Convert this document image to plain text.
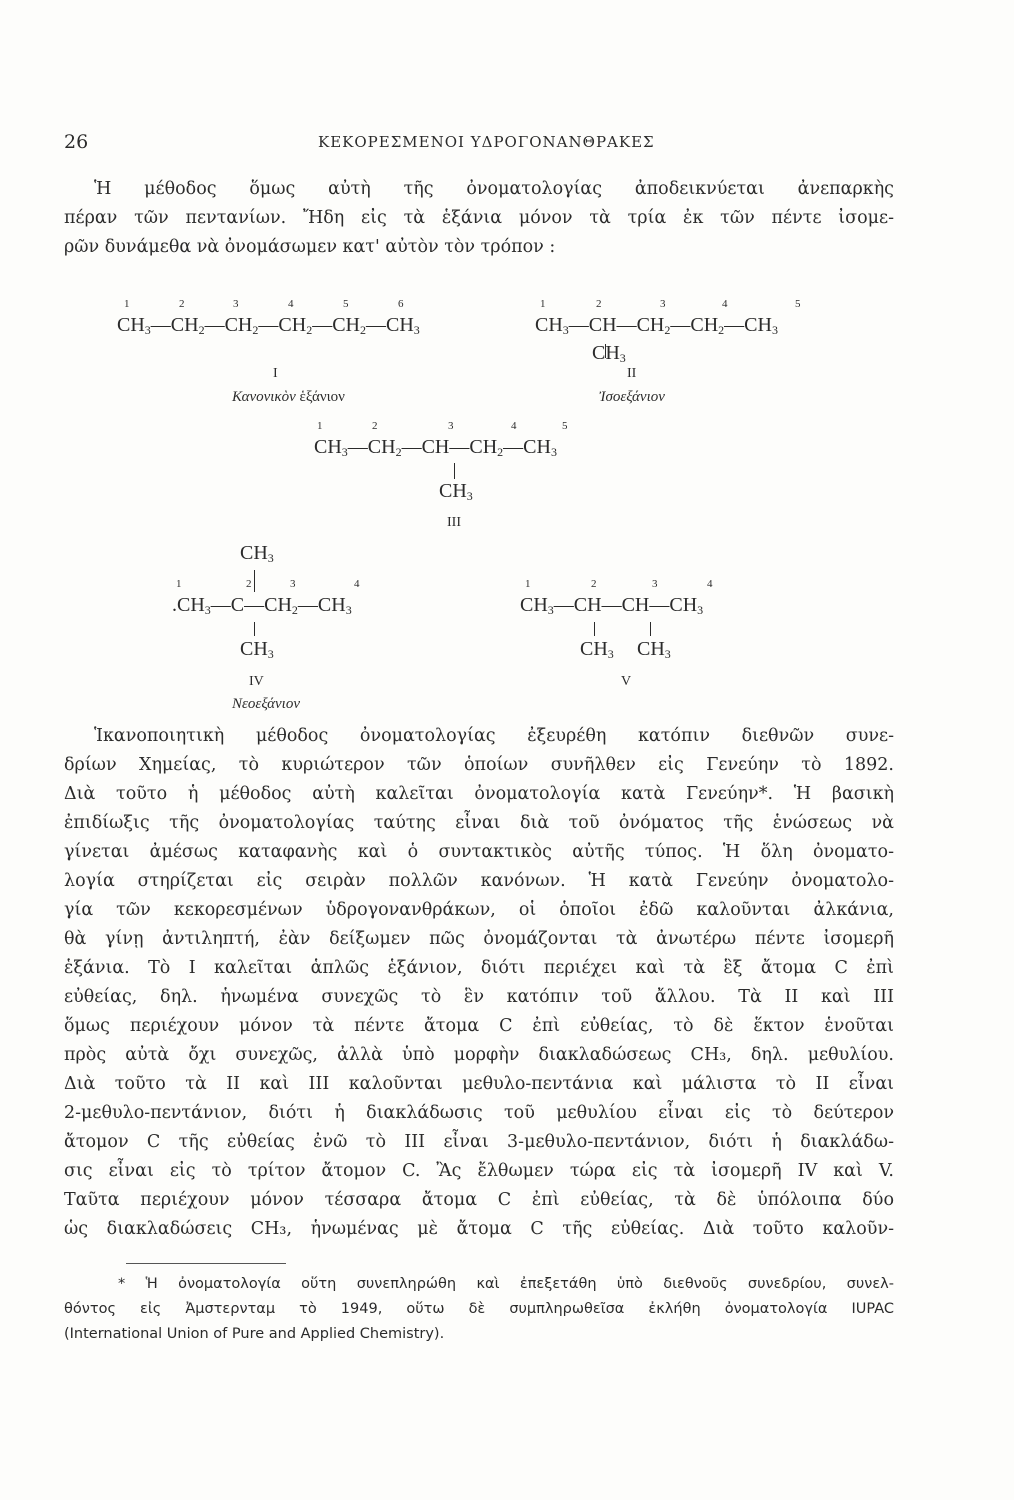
26	ΚΕΚΟΡΕΣΜΕΝΟΙ ΥΔΡΟΓΟΝΑΝΘΡΑΚΕΣ
Ἡ μέθοδος ὅμως αὐτὴ τῆς ὀνοματολογίας ἀποδεικνύεται ἀνεπαρκὴς
πέραν τῶν πεντανίων. Ἤδη εἰς τὰ ἑξάνια μόνον τὰ τρία ἐκ τῶν πέντε ἰσομε-
ρῶν δυνάμεθα νὰ ὀνομάσωμεν κατ' αὐτὸν τὸν τρόπον :
1	2	3	4	5	6
$CH_3—CH_2—CH_2—CH_2—CH_2—CH_3$
I
Κανονικὸν ἑξάνιον
1	2	3	4	5
$CH_3—CH—CH_2—CH_2—CH_3$
$CH_3$
II
Ἰσοεξάνιον
1	2	3	4	5
$CH_3—CH_2—CH—CH_2—CH_3$
$CH_3$
III
$CH_3$
1	2	3	4
$.CH_3—C—CH_2—CH_3$
$CH_3$
IV
Νεοεξάνιον
1	2	3	4
$CH_3—CH—CH—CH_3$
$CH_3$ $CH_3$
V
Ἱκανοποιητικὴ μέθοδος ὀνοματολογίας ἐξευρέθη κατόπιν διεθνῶν συνε-
δρίων Χημείας, τὸ κυριώτερον τῶν ὁποίων συνῆλθεν εἰς Γενεύην τὸ 1892.
Διὰ τοῦτο ἡ μέθοδος αὐτὴ καλεῖται ὀνοματολογία κατὰ Γενεύην*. Ἡ βασικὴ
ἐπιδίωξις τῆς ὀνοματολογίας ταύτης εἶναι διὰ τοῦ ὀνόματος τῆς ἑνώσεως νὰ
γίνεται ἀμέσως καταφανὴς καὶ ὁ συντακτικὸς αὐτῆς τύπος. Ἡ ὅλη ὀνοματο-
λογία στηρίζεται εἰς σειρὰν πολλῶν κανόνων. Ἡ κατὰ Γενεύην ὀνοματολο-
γία τῶν κεκορεσμένων ὑδρογονανθράκων, οἱ ὁποῖοι ἐδῶ καλοῦνται ἀλκάνια,
θὰ γίνῃ ἀντιληπτή, ἐὰν δείξωμεν πῶς ὀνομάζονται τὰ ἀνωτέρω πέντε ἰσομερῆ
ἑξάνια. Τὸ Ι καλεῖται ἁπλῶς ἑξάνιον, διότι περιέχει καὶ τὰ ἓξ ἄτομα C ἐπὶ
εὐθείας, δηλ. ἡνωμένα συνεχῶς τὸ ἓν κατόπιν τοῦ ἄλλου. Τὰ ΙΙ καὶ ΙΙΙ
ὅμως περιέχουν μόνον τὰ πέντε ἄτομα C ἐπὶ εὐθείας, τὸ δὲ ἕκτον ἑνοῦται
πρὸς αὐτὰ ὄχι συνεχῶς, ἀλλὰ ὑπὸ μορφὴν διακλαδώσεως CH₃, δηλ. μεθυλίου.
Διὰ τοῦτο τὰ ΙΙ καὶ ΙΙΙ καλοῦνται μεθυλο-πεντάνια καὶ μάλιστα τὸ ΙΙ εἶναι
2-μεθυλο-πεντάνιον, διότι ἡ διακλάδωσις τοῦ μεθυλίου εἶναι εἰς τὸ δεύτερον
ἄτομον C τῆς εὐθείας ἐνῶ τὸ ΙΙΙ εἶναι 3-μεθυλο-πεντάνιον, διότι ἡ διακλάδω-
σις εἶναι εἰς τὸ τρίτον ἄτομον C. Ἂς ἔλθωμεν τώρα εἰς τὰ ἰσομερῆ IV καὶ V.
Ταῦτα περιέχουν μόνον τέσσαρα ἄτομα C ἐπὶ εὐθείας, τὰ δὲ ὑπόλοιπα δύο
ὡς διακλαδώσεις CH₃, ἡνωμένας μὲ ἄτομα C τῆς εὐθείας. Διὰ τοῦτο καλοῦν-
* Ἡ ὀνοματολογία οὕτη συνεπληρώθη καὶ ἐπεξετάθη ὑπὸ διεθνοῦς συνεδρίου, συνελ-
θόντος εἰς Ἀμστερνταμ τὸ 1949, οὕτω δὲ συμπληρωθεῖσα ἐκλήθη ὀνοματολογία IUPAC
(International Union of Pure and Applied Chemistry).
